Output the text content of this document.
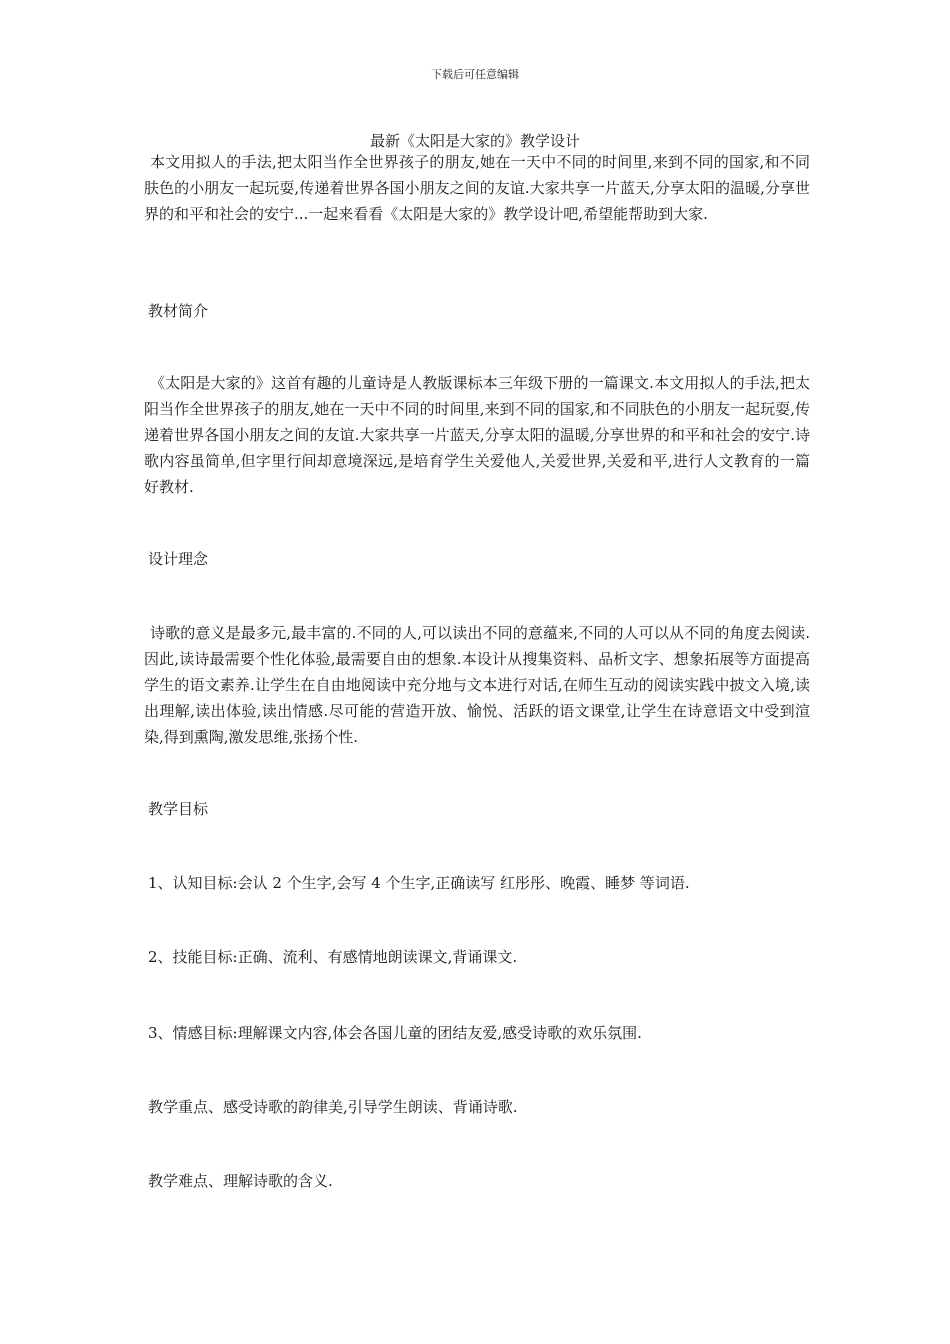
下载后可任意编辑
最新《太阳是大家的》教学设计
本文用拟人的手法,把太阳当作全世界孩子的朋友,她在一天中不同的时间里,来到不同的国家,和不同肤色的小朋友一起玩耍,传递着世界各国小朋友之间的友谊.大家共享一片蓝天,分享太阳的温暖,分享世界的和平和社会的安宁...一起来看看《太阳是大家的》教学设计吧,希望能帮助到大家.
教材简介
《太阳是大家的》这首有趣的儿童诗是人教版课标本三年级下册的一篇课文.本文用拟人的手法,把太阳当作全世界孩子的朋友,她在一天中不同的时间里,来到不同的国家,和不同肤色的小朋友一起玩耍,传递着世界各国小朋友之间的友谊.大家共享一片蓝天,分享太阳的温暖,分享世界的和平和社会的安宁.诗歌内容虽简单,但字里行间却意境深远,是培育学生关爱他人,关爱世界,关爱和平,进行人文教育的一篇好教材.
设计理念
诗歌的意义是最多元,最丰富的.不同的人,可以读出不同的意蕴来,不同的人可以从不同的角度去阅读.因此,读诗最需要个性化体验,最需要自由的想象.本设计从搜集资料、品析文字、想象拓展等方面提高学生的语文素养.让学生在自由地阅读中充分地与文本进行对话,在师生互动的阅读实践中披文入境,读出理解,读出体验,读出情感.尽可能的营造开放、愉悦、活跃的语文课堂,让学生在诗意语文中受到渲染,得到熏陶,激发思维,张扬个性.
教学目标
1、认知目标:会认 2 个生字,会写 4 个生字,正确读写 红彤彤、晚霞、睡梦 等词语.
2、技能目标:正确、流利、有感情地朗读课文,背诵课文.
3、情感目标:理解课文内容,体会各国儿童的团结友爱,感受诗歌的欢乐氛围.
教学重点、感受诗歌的韵律美,引导学生朗读、背诵诗歌.
教学难点、理解诗歌的含义.
